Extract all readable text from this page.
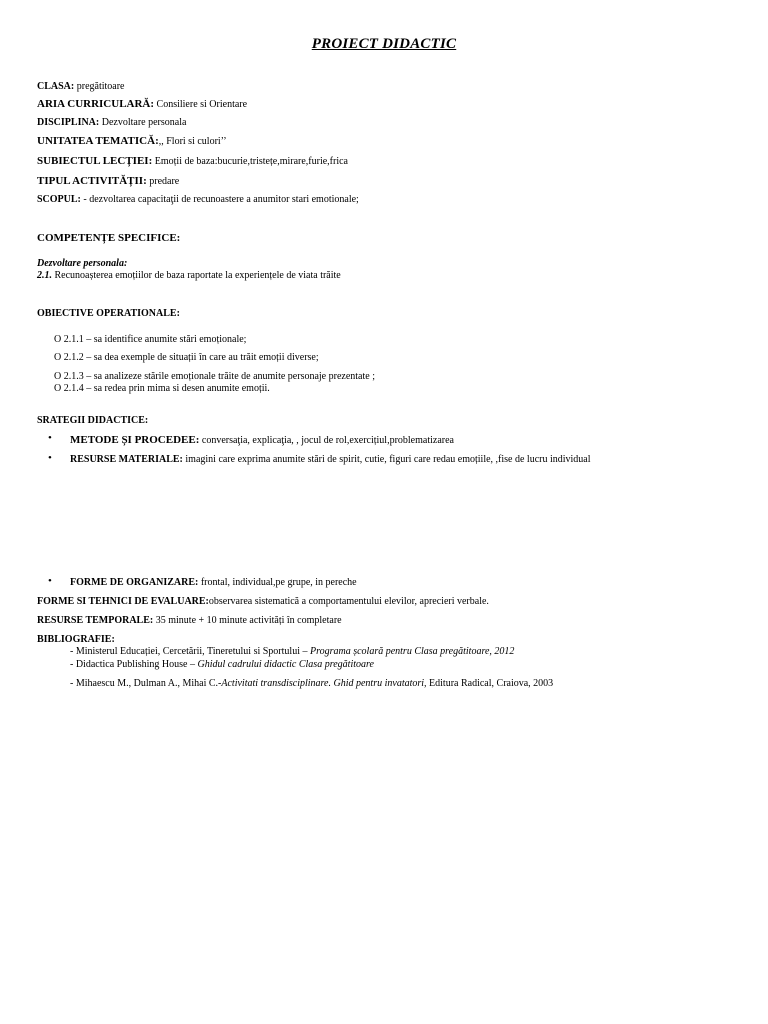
PROIECT DIDACTIC
CLASA: pregătitoare
ARIA CURRICULARĂ: Consiliere si Orientare
DISCIPLINA: Dezvoltare personala
UNITATEA TEMATICĂ:,, Flori si culori’’
SUBIECTUL LECȚIEI: Emoții de baza:bucurie,tristețe,mirare,furie,frica
TIPUL ACTIVITĂȚII: predare
SCOPUL: - dezvoltarea capacitaţii de recunoastere a anumitor stari emotionale;
COMPETENȚE SPECIFICE:
Dezvoltare personala:
2.1. Recunoașterea emoțiilor de baza raportate la experiențele de viata trăite
OBIECTIVE OPERATIONALE:
O 2.1.1 – sa identifice anumite stări emoționale;
O 2.1.2 – sa dea exemple de situații în care au trăit emoții diverse;
O 2.1.3 – sa analizeze stările emoționale trăite de anumite personaje prezentate ;
O 2.1.4 – sa redea prin mima si desen anumite emoții.
SRATEGII DIDACTICE:
• METODE ȘI PROCEDEE: conversaţia, explicaţia, , jocul de rol,exercițiul,problematizarea
• RESURSE MATERIALE: imagini care exprima anumite stări de spirit, cutie, figuri care redau emoțiile, ,fise de lucru individual
• FORME DE ORGANIZARE: frontal, individual,pe grupe, in pereche
FORME SI TEHNICI DE EVALUARE:observarea sistematică a comportamentului elevilor, aprecieri verbale.
RESURSE TEMPORALE: 35 minute + 10 minute activități în completare
BIBLIOGRAFIE:
- Ministerul Educației, Cercetării, Tineretului si Sportului – Programa școlară pentru Clasa pregătitoare, 2012
- Didactica Publishing House – Ghidul cadrului didactic Clasa pregătitoare
- Mihaescu M., Dulman A., Mihai C.-Activitati transdisciplinare. Ghid pentru invatatori, Editura Radical, Craiova, 2003
